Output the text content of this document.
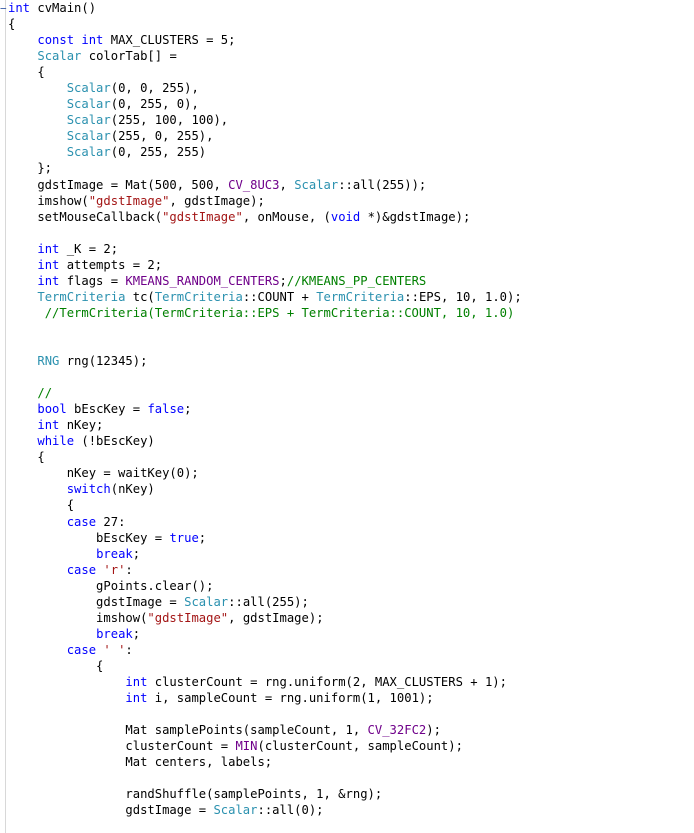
− int cvMain()
{
const int MAX_CLUSTERS = 5;
Scalar colorTab[] =
{
Scalar(0, 0, 255),
Scalar(0, 255, 0),
Scalar(255, 100, 100),
Scalar(255, 0, 255),
Scalar(0, 255, 255)
};
gdstImage = Mat(500, 500, CV_8UC3, Scalar::all(255));
imshow("gdstImage", gdstImage);
setMouseCallback("gdstImage", onMouse, (void *)&gdstImage);
int _K = 2;
int attempts = 2;
int flags = KMEANS_RANDOM_CENTERS;//KMEANS_PP_CENTERS
TermCriteria tc(TermCriteria::COUNT + TermCriteria::EPS, 10, 1.0);
//TermCriteria(TermCriteria::EPS + TermCriteria::COUNT, 10, 1.0)
RNG rng(12345);
//
bool bEscKey = false;
int nKey;
while (!bEscKey)
{
nKey = waitKey(0);
switch(nKey)
{
case 27:
bEscKey = true;
break;
case 'r':
gPoints.clear();
gdstImage = Scalar::all(255);
imshow("gdstImage", gdstImage);
break;
case ' ':
{
int clusterCount = rng.uniform(2, MAX_CLUSTERS + 1);
int i, sampleCount = rng.uniform(1, 1001);
Mat samplePoints(sampleCount, 1, CV_32FC2);
clusterCount = MIN(clusterCount, sampleCount);
Mat centers, labels;
randShuffle(samplePoints, 1, &rng);
gdstImage = Scalar::all(0);
